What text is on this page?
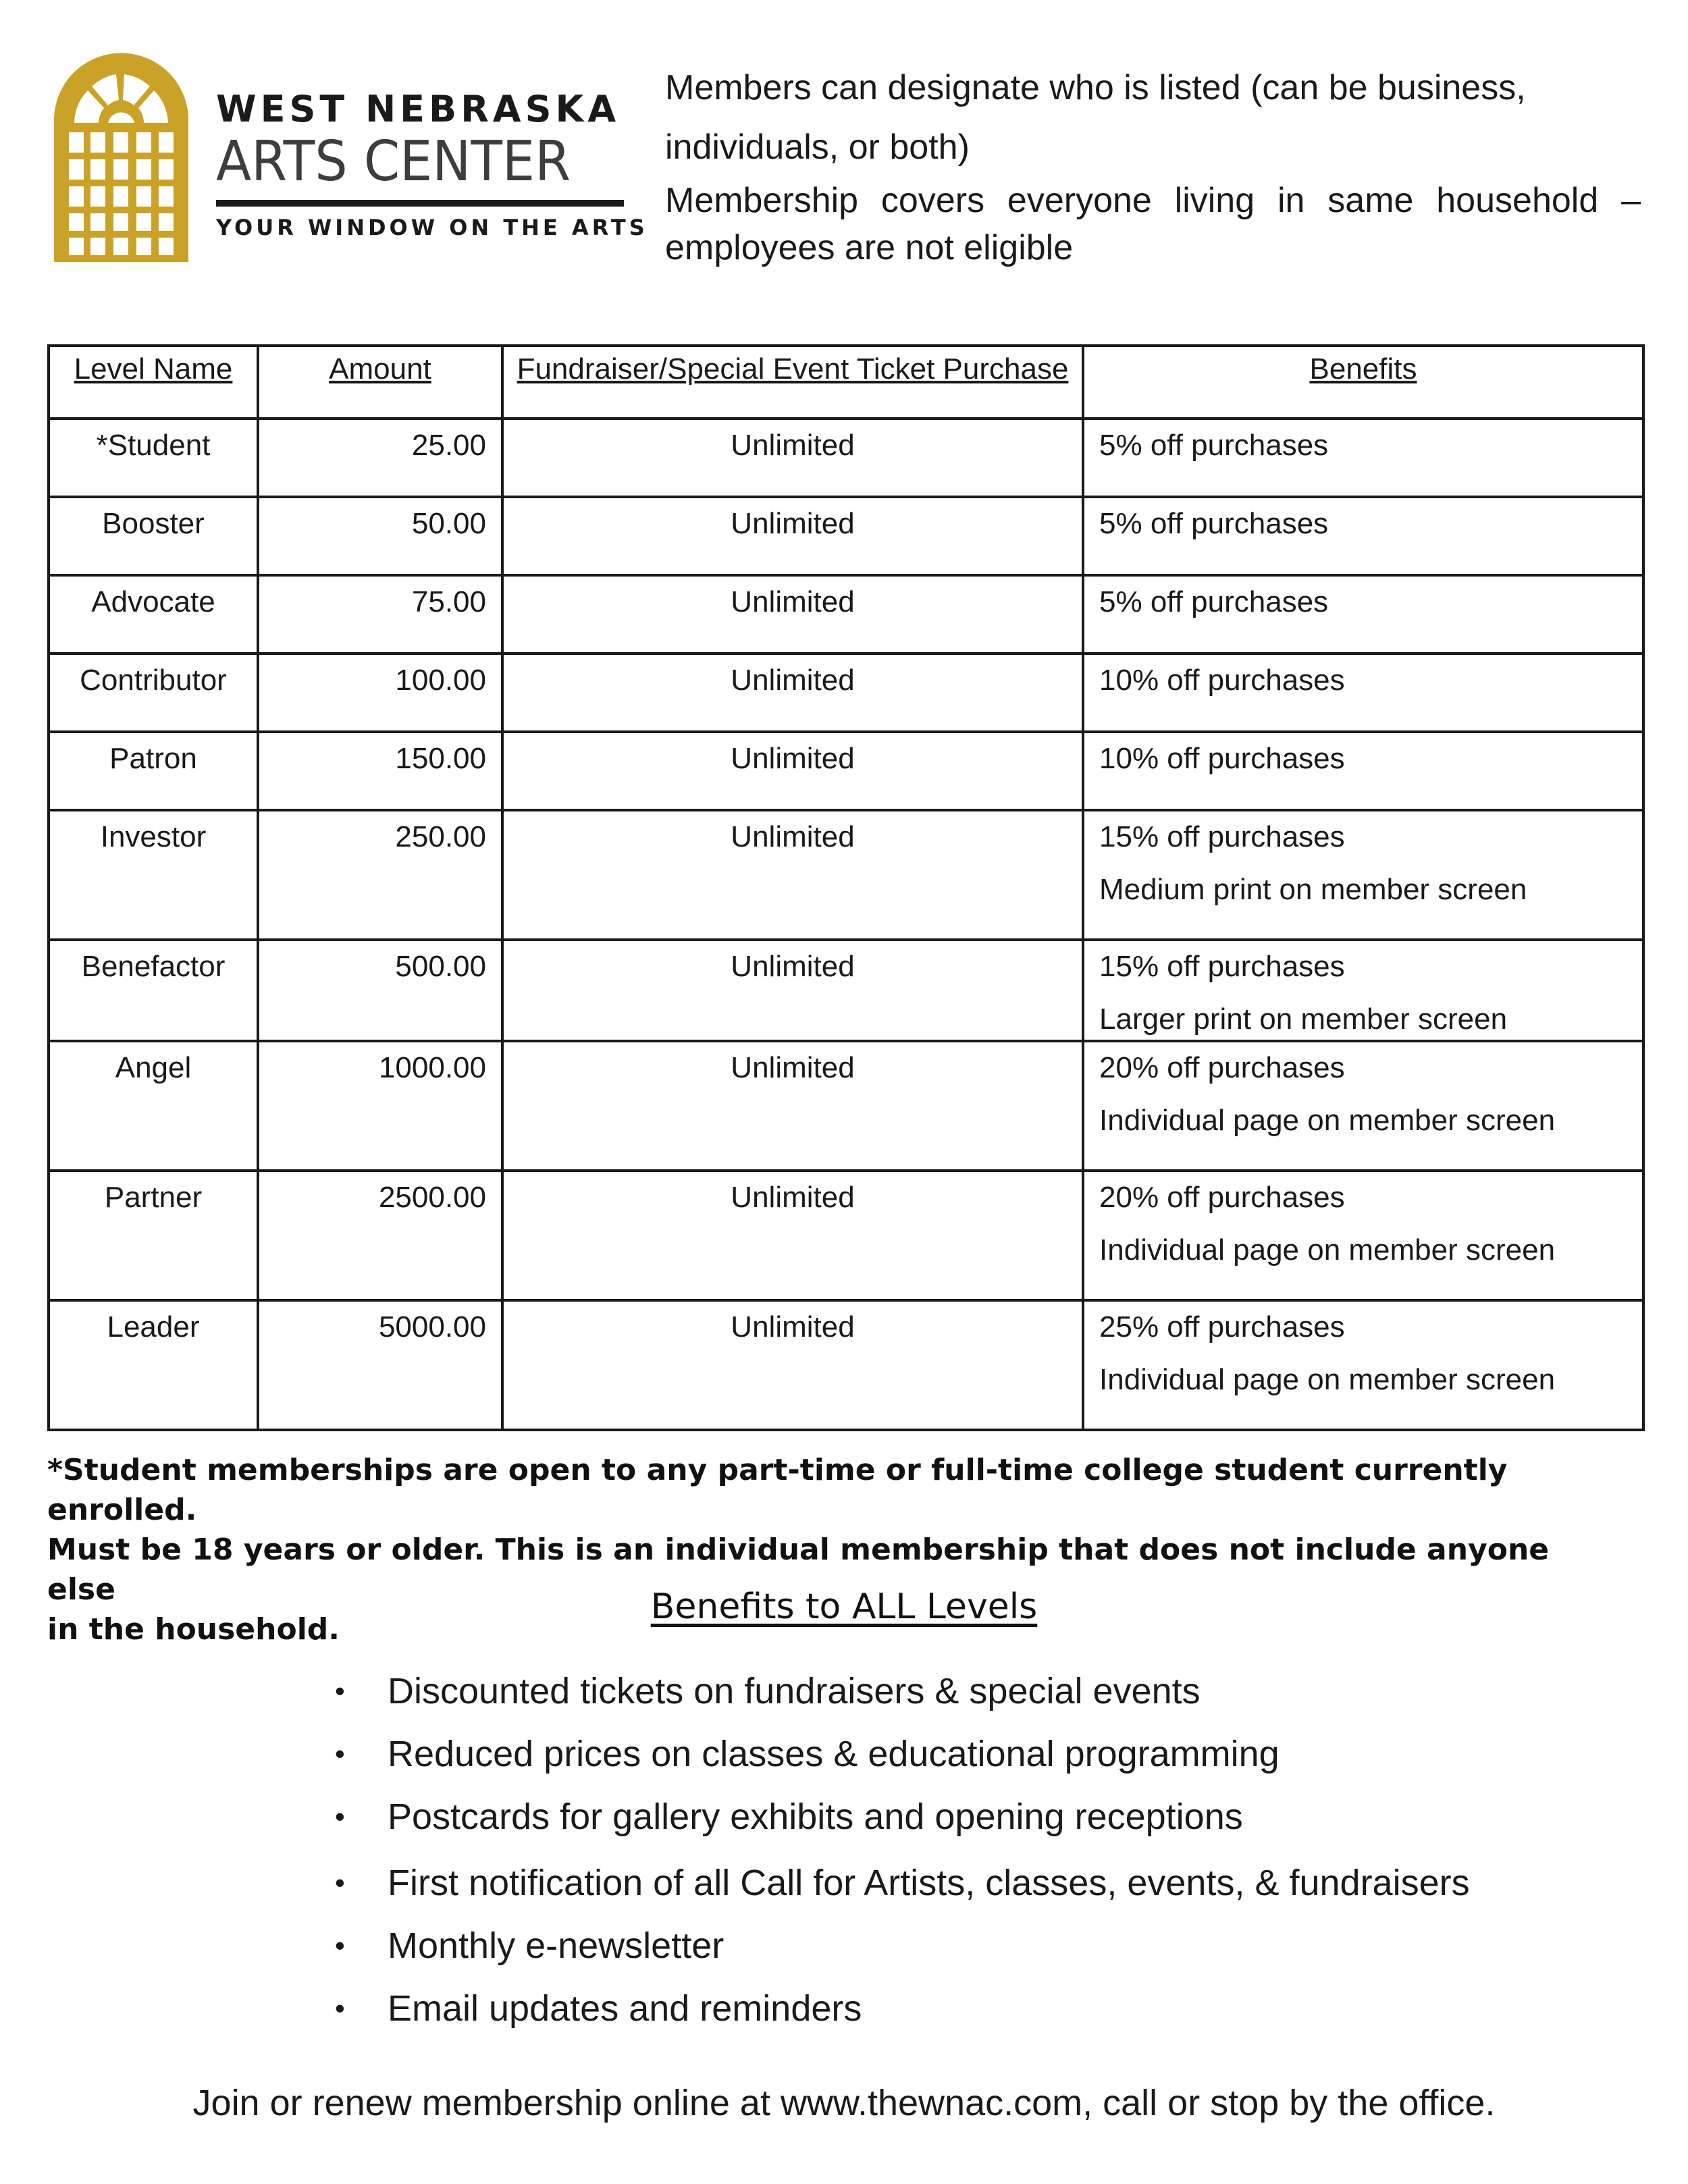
WEST NEBRASKA
ARTS CENTER
YOUR WINDOW ON THE ARTS

Members can designate who is listed (can be business, individuals, or both)

Membership covers everyone living in same household – employees are not eligible

Level Name	Amount	Fundraiser/Special Event Ticket Purchase	Benefits

*Student	25.00	Unlimited	5% off purchases

Booster	50.00	Unlimited	5% off purchases

Advocate	75.00	Unlimited	5% off purchases

Contributor	100.00	Unlimited	10% off purchases

Patron	150.00	Unlimited	10% off purchases

Investor	250.00	Unlimited	15% off purchases
Medium print on member screen

Benefactor	500.00	Unlimited	15% off purchases
Larger print on member screen

Angel	1000.00	Unlimited	20% off purchases
Individual page on member screen

Partner	2500.00	Unlimited	20% off purchases
Individual page on member screen

Leader	5000.00	Unlimited	25% off purchases
Individual page on member screen
*Student memberships are open to any part-time or full-time college student currently enrolled.
Must be 18 years or older. This is an individual membership that does not include anyone else
in the household.
Benefits to ALL Levels
• Discounted tickets on fundraisers & special events
• Reduced prices on classes & educational programming
• Postcards for gallery exhibits and opening receptions
• First notification of all Call for Artists, classes, events, & fundraisers
• Monthly e-newsletter
• Email updates and reminders
Join or renew membership online at www.thewnac.com, call or stop by the office.
